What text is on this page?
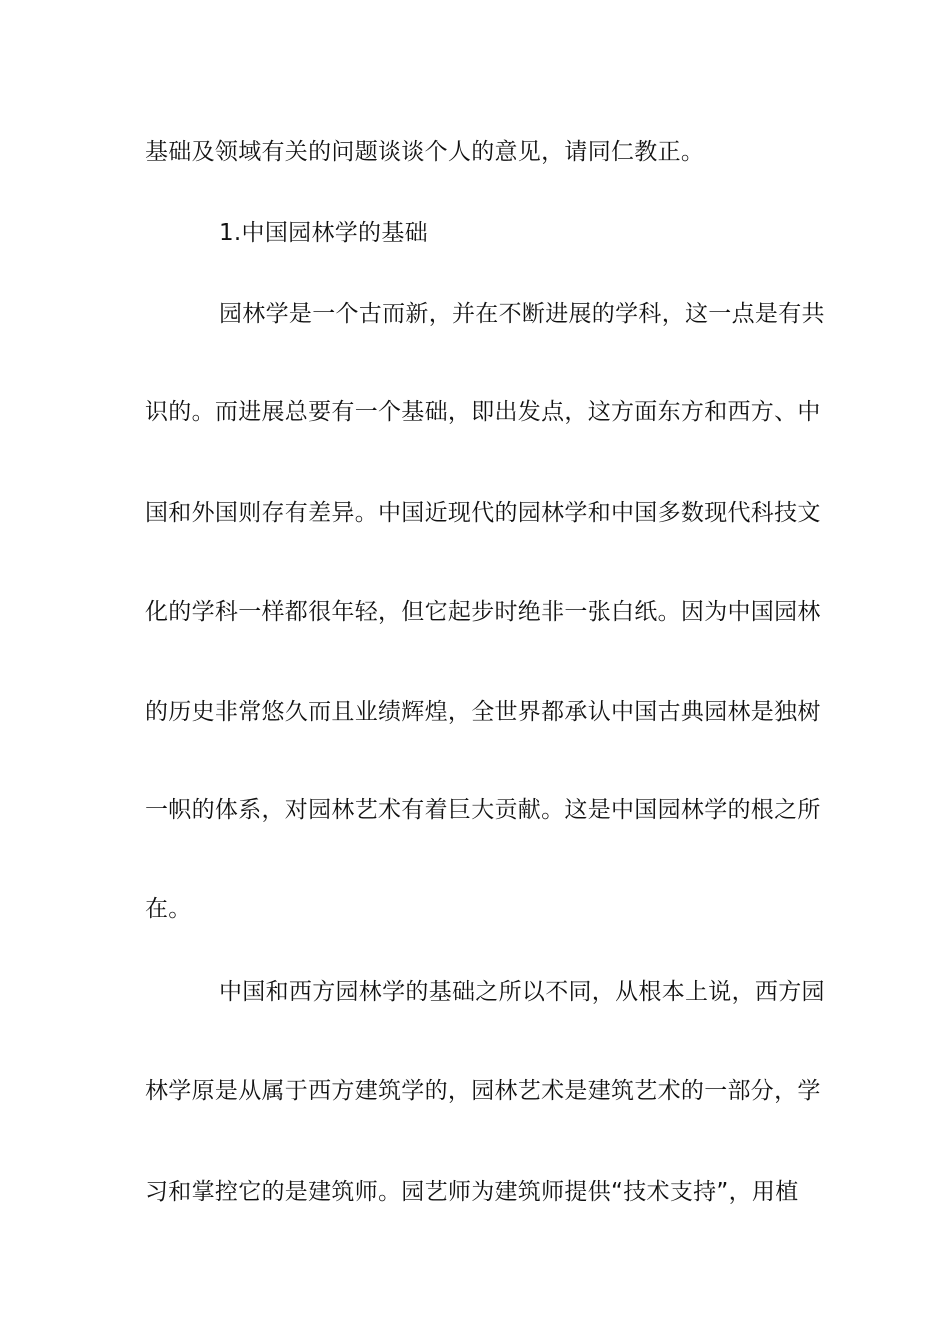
基础及领域有关的问题谈谈个人的意见，请同仁教正。
1.中国园林学的基础
园林学是一个古而新，并在不断进展的学科，这一点是有共
识的。而进展总要有一个基础，即出发点，这方面东方和西方、中
国和外国则存有差异。中国近现代的园林学和中国多数现代科技文
化的学科一样都很年轻，但它起步时绝非一张白纸。因为中国园林
的历史非常悠久而且业绩辉煌，全世界都承认中国古典园林是独树
一帜的体系，对园林艺术有着巨大贡献。这是中国园林学的根之所
在。
中国和西方园林学的基础之所以不同，从根本上说，西方园
林学原是从属于西方建筑学的，园林艺术是建筑艺术的一部分，学
习和掌控它的是建筑师。园艺师为建筑师提供“技术支持”，用植
